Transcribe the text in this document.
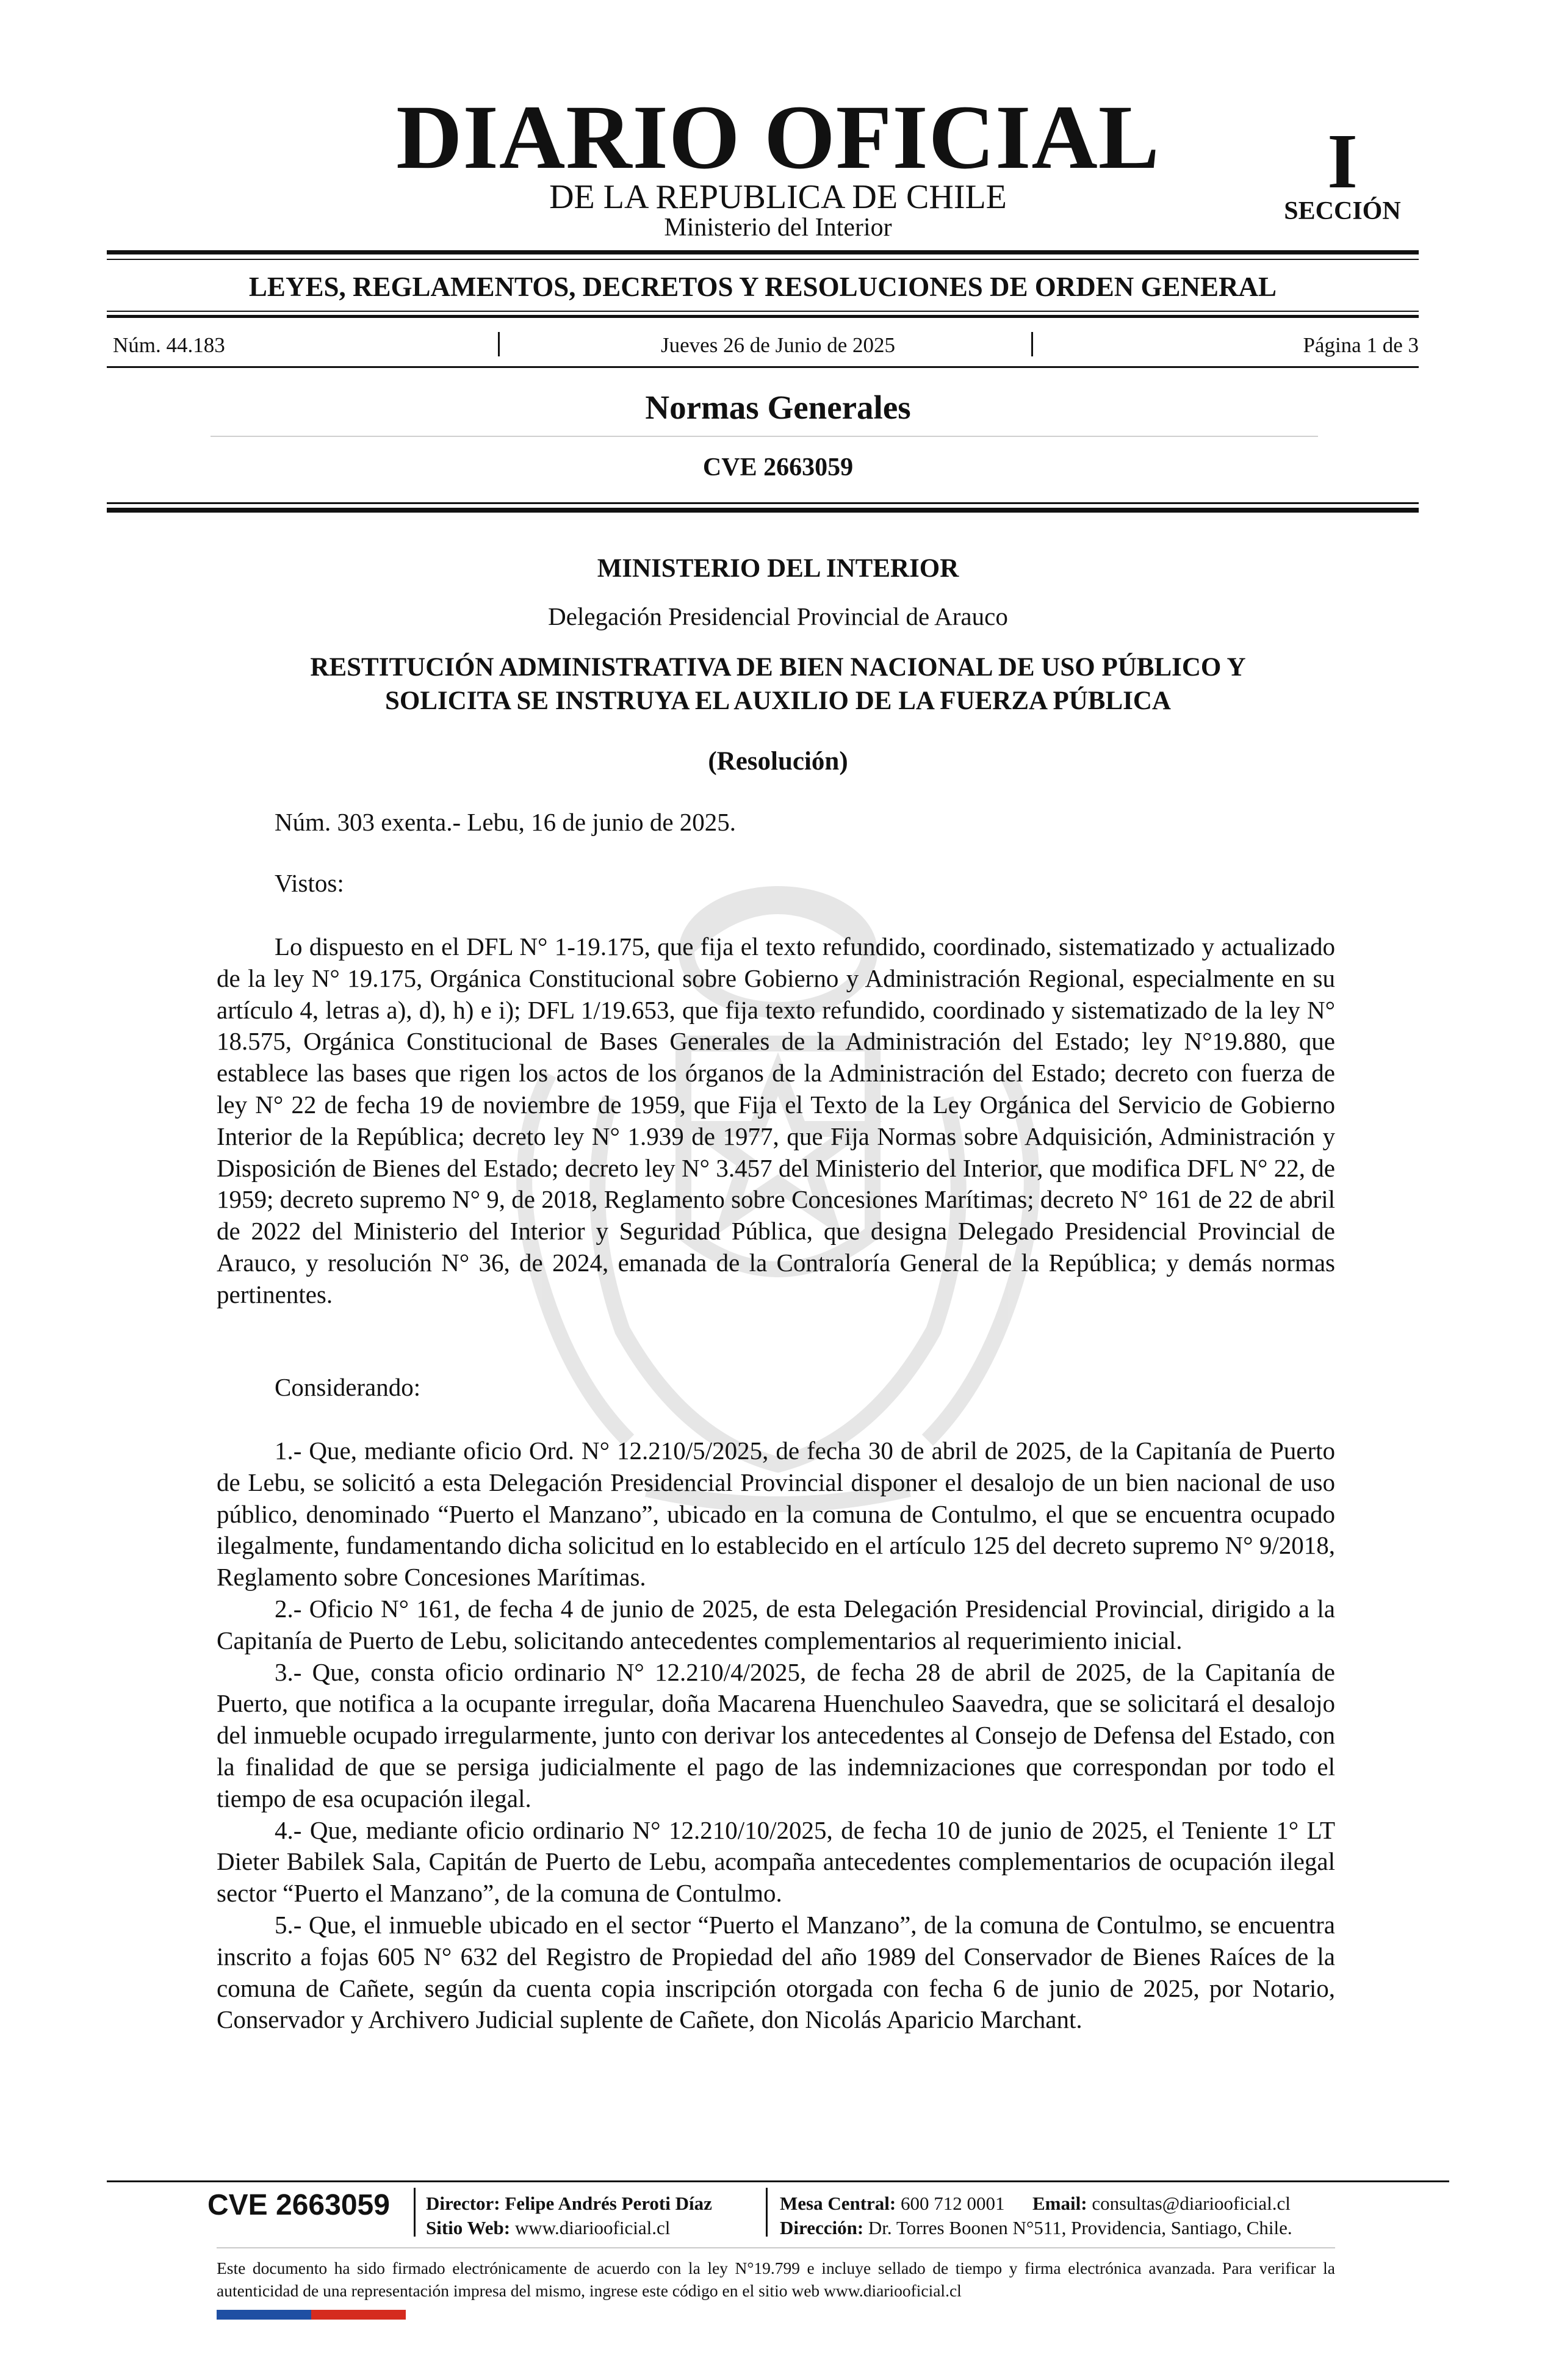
DIARIO OFICIAL
DE LA REPUBLICA DE CHILE
Ministerio del Interior
I
SECCIÓN
LEYES, REGLAMENTOS, DECRETOS Y RESOLUCIONES DE ORDEN GENERAL
Núm. 44.183	Jueves 26 de Junio de 2025	Página 1 de 3
Normas Generales
CVE 2663059
MINISTERIO DEL INTERIOR
Delegación Presidencial Provincial de Arauco
RESTITUCIÓN ADMINISTRATIVA DE BIEN NACIONAL DE USO PÚBLICO Y
SOLICITA SE INSTRUYA EL AUXILIO DE LA FUERZA PÚBLICA
(Resolución)
Núm. 303 exenta.- Lebu, 16 de junio de 2025.
Vistos:

Lo dispuesto en el DFL N° 1-19.175, que fija el texto refundido, coordinado, sistematizado y actualizado de la ley N° 19.175, Orgánica Constitucional sobre Gobierno y Administración Regional, especialmente en su artículo 4, letras a), d), h) e i); DFL 1/19.653, que fija texto refundido, coordinado y sistematizado de la ley N° 18.575, Orgánica Constitucional de Bases Generales de la Administración del Estado; ley N°19.880, que establece las bases que rigen los actos de los órganos de la Administración del Estado; decreto con fuerza de ley N° 22 de fecha 19 de noviembre de 1959, que Fija el Texto de la Ley Orgánica del Servicio de Gobierno Interior de la República; decreto ley N° 1.939 de 1977, que Fija Normas sobre Adquisición, Administración y Disposición de Bienes del Estado; decreto ley N° 3.457 del Ministerio del Interior, que modifica DFL N° 22, de 1959; decreto supremo N° 9, de 2018, Reglamento sobre Concesiones Marítimas; decreto N° 161 de 22 de abril de 2022 del Ministerio del Interior y Seguridad Pública, que designa Delegado Presidencial Provincial de Arauco, y resolución N° 36, de 2024, emanada de la Contraloría General de la República; y demás normas pertinentes.

Considerando:

1.- Que, mediante oficio Ord. N° 12.210/5/2025, de fecha 30 de abril de 2025, de la Capitanía de Puerto de Lebu, se solicitó a esta Delegación Presidencial Provincial disponer el desalojo de un bien nacional de uso público, denominado “Puerto el Manzano”, ubicado en la comuna de Contulmo, el que se encuentra ocupado ilegalmente, fundamentando dicha solicitud en lo establecido en el artículo 125 del decreto supremo N° 9/2018, Reglamento sobre Concesiones Marítimas.

2.- Oficio N° 161, de fecha 4 de junio de 2025, de esta Delegación Presidencial Provincial, dirigido a la Capitanía de Puerto de Lebu, solicitando antecedentes complementarios al requerimiento inicial.

3.- Que, consta oficio ordinario N° 12.210/4/2025, de fecha 28 de abril de 2025, de la Capitanía de Puerto, que notifica a la ocupante irregular, doña Macarena Huenchuleo Saavedra, que se solicitará el desalojo del inmueble ocupado irregularmente, junto con derivar los antecedentes al Consejo de Defensa del Estado, con la finalidad de que se persiga judicialmente el pago de las indemnizaciones que correspondan por todo el tiempo de esa ocupación ilegal.

4.- Que, mediante oficio ordinario N° 12.210/10/2025, de fecha 10 de junio de 2025, el Teniente 1° LT Dieter Babilek Sala, Capitán de Puerto de Lebu, acompaña antecedentes complementarios de ocupación ilegal sector “Puerto el Manzano”, de la comuna de Contulmo.

5.- Que, el inmueble ubicado en el sector “Puerto el Manzano”, de la comuna de Contulmo, se encuentra inscrito a fojas 605 N° 632 del Registro de Propiedad del año 1989 del Conservador de Bienes Raíces de la comuna de Cañete, según da cuenta copia inscripción otorgada con fecha 6 de junio de 2025, por Notario, Conservador y Archivero Judicial suplente de Cañete, don Nicolás Aparicio Marchant.

CVE 2663059 Director: Felipe Andrés Peroti Díaz
Sitio Web: www.diariooficial.cl
Mesa Central: 600 712 0001 Email: consultas@diariooficial.cl
Dirección: Dr. Torres Boonen N°511, Providencia, Santiago, Chile.
Este documento ha sido firmado electrónicamente de acuerdo con la ley N°19.799 e incluye sellado de tiempo y firma electrónica avanzada. Para verificar la autenticidad de una representación impresa del mismo, ingrese este código en el sitio web www.diariooficial.cl
